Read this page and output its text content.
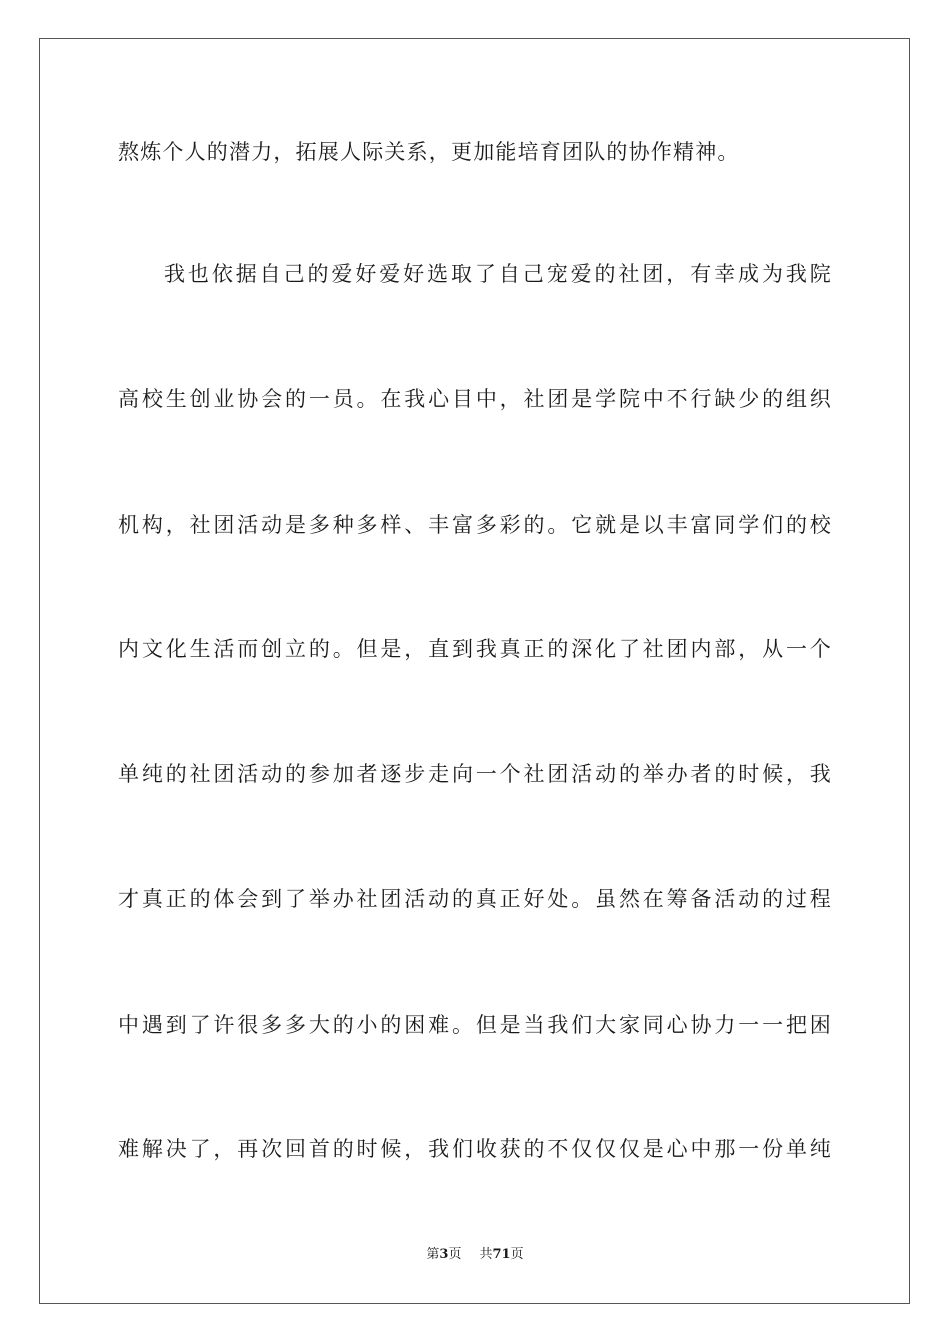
熬炼个人的潜力，拓展人际关系，更加能培育团队的协作精神。
我也依据自己的爱好爱好选取了自己宠爱的社团，有幸成为我院
高校生创业协会的一员。在我心目中，社团是学院中不行缺少的组织
机构，社团活动是多种多样、丰富多彩的。它就是以丰富同学们的校
内文化生活而创立的。但是，直到我真正的深化了社团内部，从一个
单纯的社团活动的参加者逐步走向一个社团活动的举办者的时候，我
才真正的体会到了举办社团活动的真正好处。虽然在筹备活动的过程
中遇到了许很多多大的小的困难。但是当我们大家同心协力一一把困
难解决了，再次回首的时候，我们收获的不仅仅仅是心中那一份单纯
第3页 共71页
